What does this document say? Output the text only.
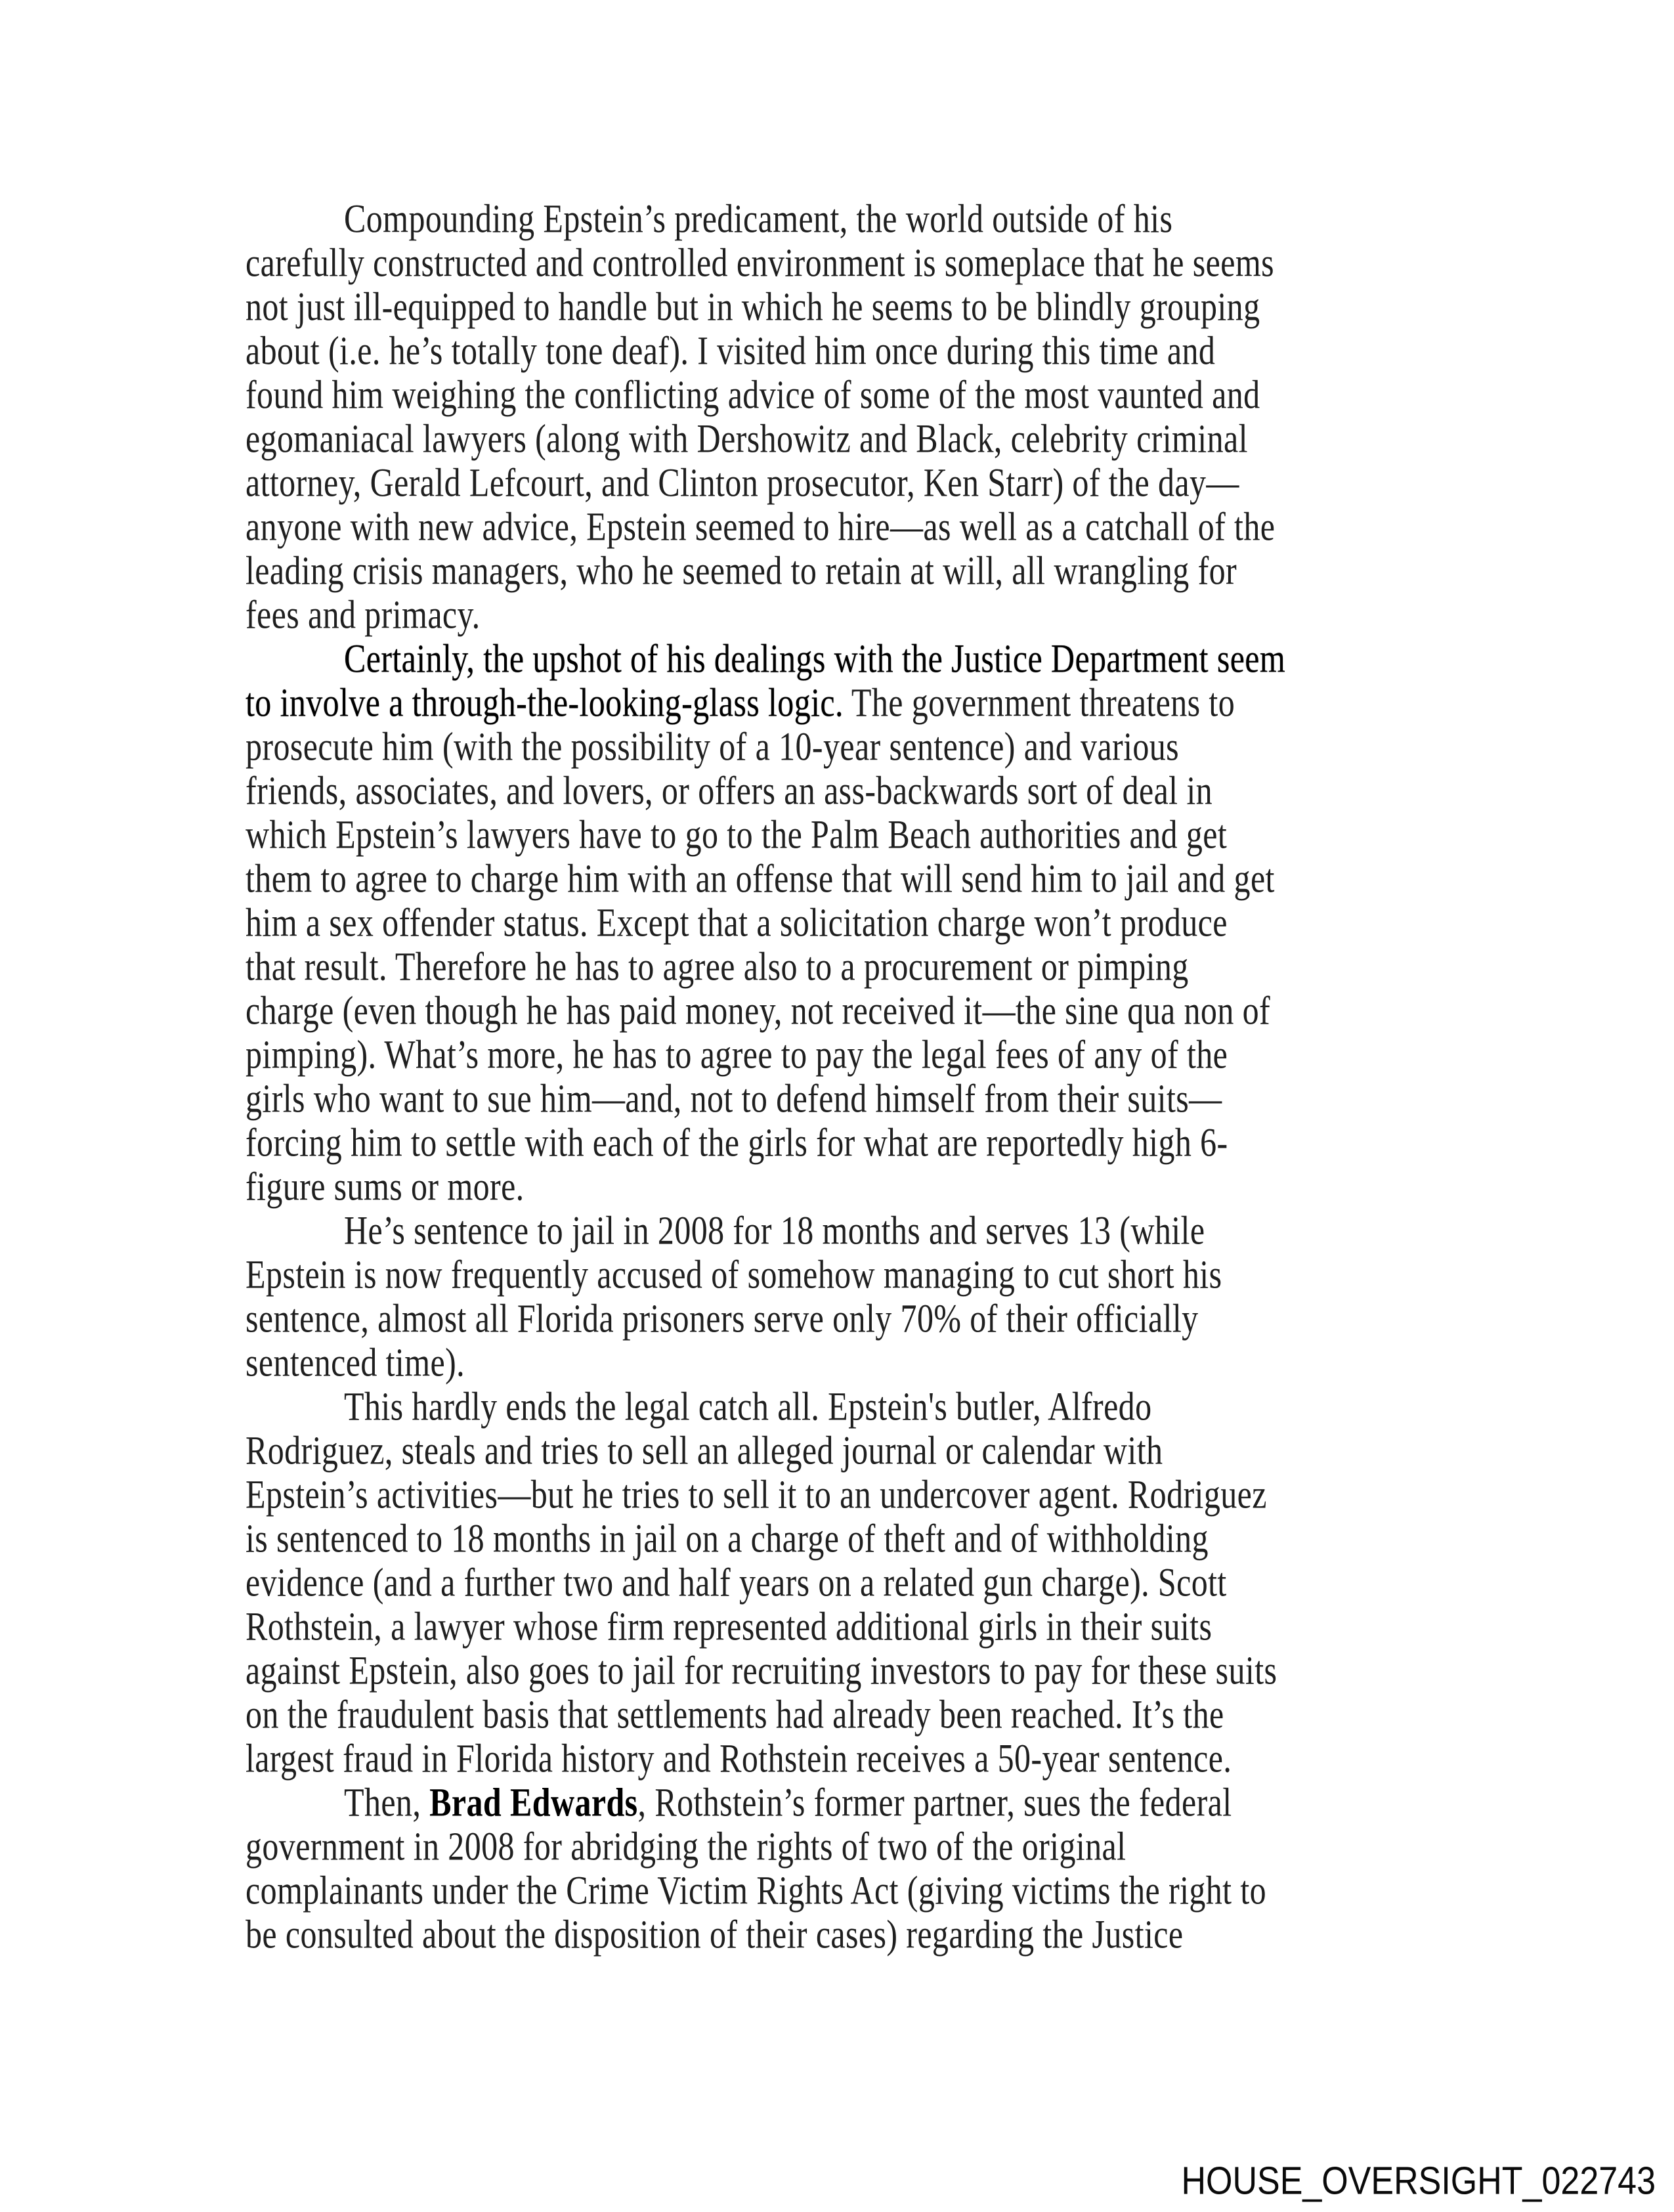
Compounding Epstein’s predicament, the world outside of his
carefully constructed and controlled environment is someplace that he seems
not just ill-equipped to handle but in which he seems to be blindly grouping
about (i.e. he’s totally tone deaf). I visited him once during this time and
found him weighing the conflicting advice of some of the most vaunted and
egomaniacal lawyers (along with Dershowitz and Black, celebrity criminal
attorney, Gerald Lefcourt, and Clinton prosecutor, Ken Starr) of the day—
anyone with new advice, Epstein seemed to hire—as well as a catchall of the
leading crisis managers, who he seemed to retain at will, all wrangling for
fees and primacy.
Certainly, the upshot of his dealings with the Justice Department seem
to involve a through-the-looking-glass logic. The government threatens to
prosecute him (with the possibility of a 10-year sentence) and various
friends, associates, and lovers, or offers an ass-backwards sort of deal in
which Epstein’s lawyers have to go to the Palm Beach authorities and get
them to agree to charge him with an offense that will send him to jail and get
him a sex offender status. Except that a solicitation charge won’t produce
that result. Therefore he has to agree also to a procurement or pimping
charge (even though he has paid money, not received it—the sine qua non of
pimping). What’s more, he has to agree to pay the legal fees of any of the
girls who want to sue him—and, not to defend himself from their suits—
forcing him to settle with each of the girls for what are reportedly high 6-
figure sums or more.
He’s sentence to jail in 2008 for 18 months and serves 13 (while
Epstein is now frequently accused of somehow managing to cut short his
sentence, almost all Florida prisoners serve only 70% of their officially
sentenced time).
This hardly ends the legal catch all. Epstein's butler, Alfredo
Rodriguez, steals and tries to sell an alleged journal or calendar with
Epstein’s activities—but he tries to sell it to an undercover agent. Rodriguez
is sentenced to 18 months in jail on a charge of theft and of withholding
evidence (and a further two and half years on a related gun charge). Scott
Rothstein, a lawyer whose firm represented additional girls in their suits
against Epstein, also goes to jail for recruiting investors to pay for these suits
on the fraudulent basis that settlements had already been reached. It’s the
largest fraud in Florida history and Rothstein receives a 50-year sentence.
Then, Brad Edwards, Rothstein’s former partner, sues the federal
government in 2008 for abridging the rights of two of the original
complainants under the Crime Victim Rights Act (giving victims the right to
be consulted about the disposition of their cases) regarding the Justice
HOUSE_OVERSIGHT_022743
